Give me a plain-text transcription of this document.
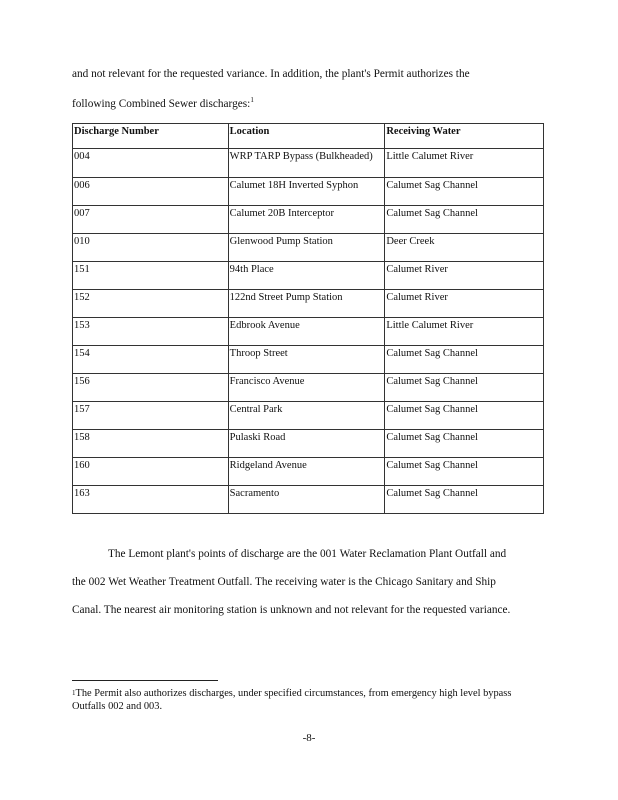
and not relevant for the requested variance. In addition, the plant's Permit authorizes the
following Combined Sewer discharges:$^1$
Discharge Number	Location	Receiving Water
004	WRP TARP Bypass (Bulkheaded)	Little Calumet River
006	Calumet 18H Inverted Syphon	Calumet Sag Channel
007	Calumet 20B Interceptor	Calumet Sag Channel
010	Glenwood Pump Station	Deer Creek
151	94th Place	Calumet River
152	122nd Street Pump Station	Calumet River
153	Edbrook Avenue	Little Calumet River
154	Throop Street	Calumet Sag Channel
156	Francisco Avenue	Calumet Sag Channel
157	Central Park	Calumet Sag Channel
158	Pulaski Road	Calumet Sag Channel
160	Ridgeland Avenue	Calumet Sag Channel
163	Sacramento	Calumet Sag Channel
The Lemont plant's points of discharge are the 001 Water Reclamation Plant Outfall and
the 002 Wet Weather Treatment Outfall. The receiving water is the Chicago Sanitary and Ship
Canal. The nearest air monitoring station is unknown and not relevant for the requested variance.
$^1$The Permit also authorizes discharges, under specified circumstances, from emergency high level bypass Outfalls 002 and 003.
-8-
